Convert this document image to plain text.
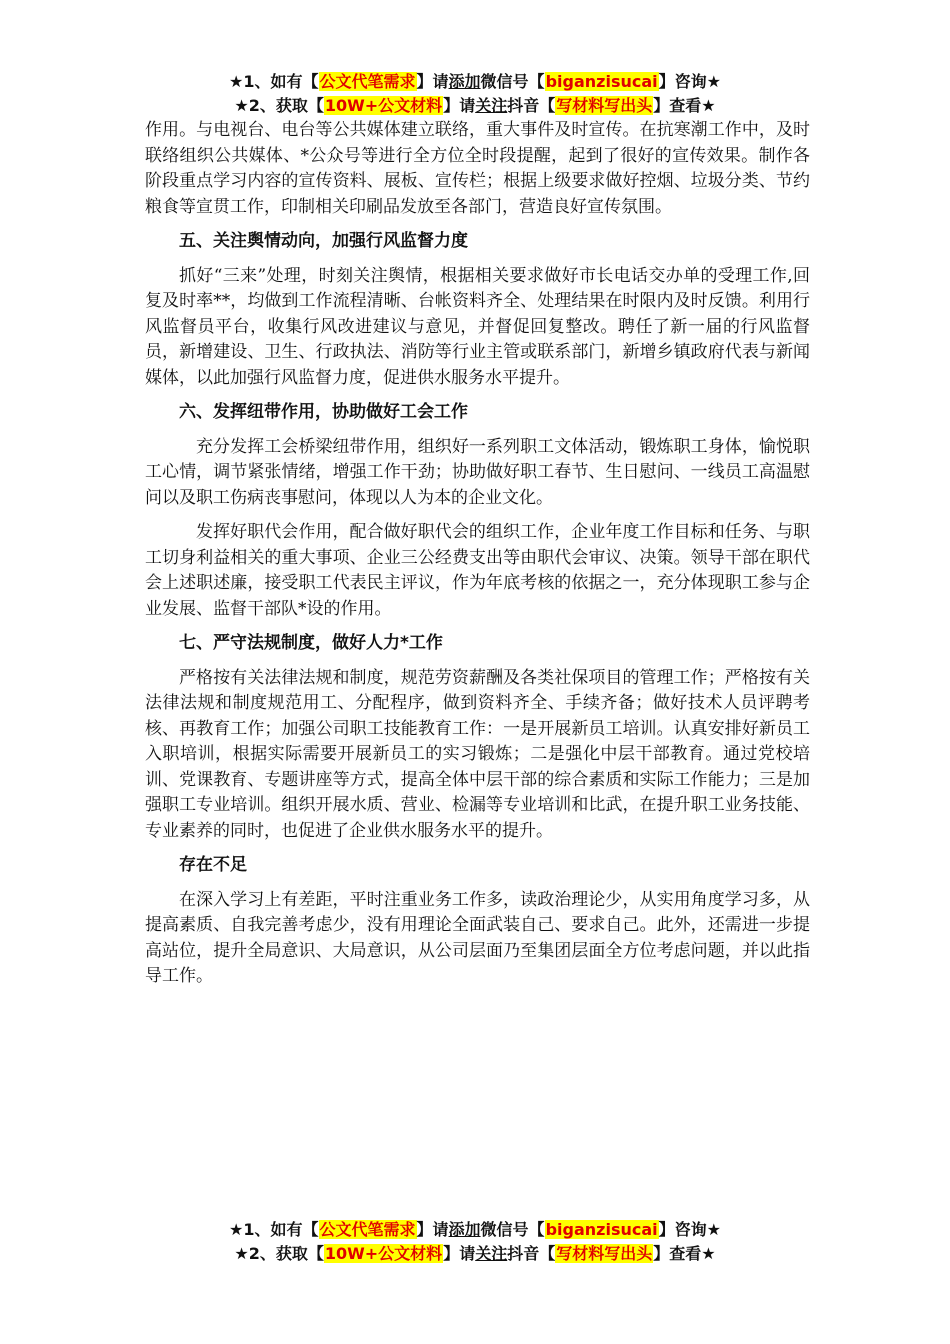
★1、如有【公文代笔需求】请添加微信号【biganzisucai】咨询★
★2、获取【10W+公文材料】请关注抖音【写材料写出头】查看★

作用。与电视台、电台等公共媒体建立联络，重大事件及时宣传。在抗寒潮工作中，及时联络组织公共媒体、*公众号等进行全方位全时段提醒，起到了很好的宣传效果。制作各阶段重点学习内容的宣传资料、展板、宣传栏；根据上级要求做好控烟、垃圾分类、节约粮食等宣贯工作，印制相关印刷品发放至各部门，营造良好宣传氛围。

五、关注舆情动向，加强行风监督力度

抓好“三来”处理，时刻关注舆情，根据相关要求做好市长电话交办单的受理工作,回复及时率**，均做到工作流程清晰、台帐资料齐全、处理结果在时限内及时反馈。利用行风监督员平台，收集行风改进建议与意见，并督促回复整改。聘任了新一届的行风监督员，新增建设、卫生、行政执法、消防等行业主管或联系部门，新增乡镇政府代表与新闻媒体，以此加强行风监督力度，促进供水服务水平提升。

六、发挥纽带作用，协助做好工会工作

充分发挥工会桥梁纽带作用，组织好一系列职工文体活动，锻炼职工身体，愉悦职工心情，调节紧张情绪，增强工作干劲；协助做好职工春节、生日慰问、一线员工高温慰问以及职工伤病丧事慰问，体现以人为本的企业文化。

发挥好职代会作用，配合做好职代会的组织工作，企业年度工作目标和任务、与职工切身利益相关的重大事项、企业三公经费支出等由职代会审议、决策。领导干部在职代会上述职述廉，接受职工代表民主评议，作为年底考核的依据之一，充分体现职工参与企业发展、监督干部队*设的作用。

七、严守法规制度，做好人力*工作

严格按有关法律法规和制度，规范劳资薪酬及各类社保项目的管理工作；严格按有关法律法规和制度规范用工、分配程序，做到资料齐全、手续齐备；做好技术人员评聘考核、再教育工作；加强公司职工技能教育工作：一是开展新员工培训。认真安排好新员工入职培训，根据实际需要开展新员工的实习锻炼；二是强化中层干部教育。通过党校培训、党课教育、专题讲座等方式，提高全体中层干部的综合素质和实际工作能力；三是加强职工专业培训。组织开展水质、营业、检漏等专业培训和比武，在提升职工业务技能、专业素养的同时，也促进了企业供水服务水平的提升。

存在不足

在深入学习上有差距，平时注重业务工作多，读政治理论少，从实用角度学习多，从提高素质、自我完善考虑少，没有用理论全面武装自己、要求自己。此外，还需进一步提高站位，提升全局意识、大局意识，从公司层面乃至集团层面全方位考虑问题，并以此指导工作。

★1、如有【公文代笔需求】请添加微信号【biganzisucai】咨询★
★2、获取【10W+公文材料】请关注抖音【写材料写出头】查看★
